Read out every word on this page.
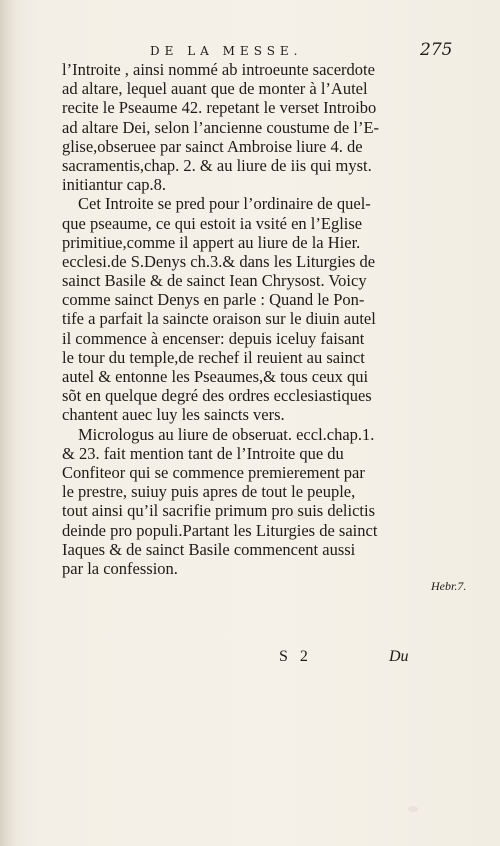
DE LA MESSE.	275
l’Introite , ainsi nommé ab introeunte sacerdote
ad altare, lequel auant que de monter à l’Autel
recite le Pseaume 42. repetant le verset Introibo
ad altare Dei, selon l’ancienne coustume de l’E-
glise,obseruee par sainct Ambroise liure 4. de
sacramentis,chap. 2. & au liure de iis qui myst.
initiantur cap.8.
Cet Introite se pred pour l’ordinaire de quel-
que pseaume, ce qui estoit ia vsité en l’Eglise
primitiue,comme il appert au liure de la Hier.
ecclesi.de S.Denys ch.3.& dans les Liturgies de
sainct Basile & de sainct Iean Chrysost. Voicy
comme sainct Denys en parle : Quand le Pon-
tife a parfait la saincte oraison sur le diuin autel
il commence à encenser: depuis iceluy faisant
le tour du temple,de rechef il reuient au sainct
autel & entonne les Pseaumes,& tous ceux qui
sõt en quelque degré des ordres ecclesiastiques
chantent auec luy les saincts vers.
Micrologus au liure de obseruat. eccl.chap.1.
& 23. fait mention tant de l’Introite que du
Confiteor qui se commence premierement par
le prestre, suiuy puis apres de tout le peuple,
tout ainsi qu’il sacrifie primum pro suis delictis
deinde pro populi.Partant les Liturgies de sainct
Iaques & de sainct Basile commencent aussi
par la confession.
Hebr.7.
S 2	Du
